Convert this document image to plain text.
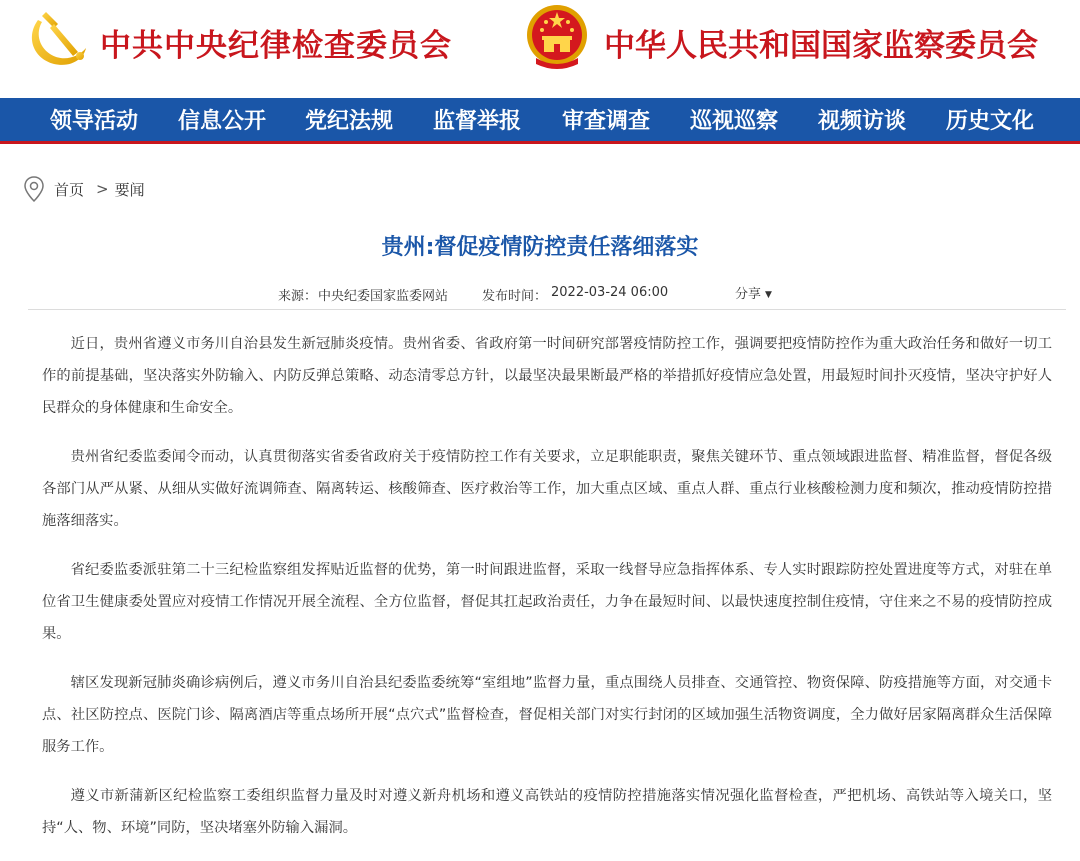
中共中央纪律检查委员会	中华人民共和国国家监察委员会
领导活动 信息公开 党纪法规 监督举报 审查调查 巡视巡察 视频访谈 历史文化
首页 > 要闻
贵州:督促疫情防控责任落细落实
来源： 中央纪委国家监委网站	发布时间： 2022-03-24 06:00	分享 ▼

近日，贵州省遵义市务川自治县发生新冠肺炎疫情。贵州省委、省政府第一时间研究部署疫情防控工作，强调要把疫情防控作为重大政治任务和做好一切工作的前提基础，坚决落实外防输入、内防反弹总策略、动态清零总方针，以最坚决最果断最严格的举措抓好疫情应急处置，用最短时间扑灭疫情，坚决守护好人民群众的身体健康和生命安全。

贵州省纪委监委闻令而动，认真贯彻落实省委省政府关于疫情防控工作有关要求，立足职能职责，聚焦关键环节、重点领域跟进监督、精准监督，督促各级各部门从严从紧、从细从实做好流调筛查、隔离转运、核酸筛查、医疗救治等工作，加大重点区域、重点人群、重点行业核酸检测力度和频次，推动疫情防控措施落细落实。

省纪委监委派驻第二十三纪检监察组发挥贴近监督的优势，第一时间跟进监督，采取一线督导应急指挥体系、专人实时跟踪防控处置进度等方式，对驻在单位省卫生健康委处置应对疫情工作情况开展全流程、全方位监督，督促其扛起政治责任，力争在最短时间、以最快速度控制住疫情，守住来之不易的疫情防控成果。

辖区发现新冠肺炎确诊病例后，遵义市务川自治县纪委监委统筹“室组地”监督力量，重点围绕人员排查、交通管控、物资保障、防疫措施等方面，对交通卡点、社区防控点、医院门诊、隔离酒店等重点场所开展“点穴式”监督检查，督促相关部门对实行封闭的区域加强生活物资调度，全力做好居家隔离群众生活保障服务工作。

遵义市新蒲新区纪检监察工委组织监督力量及时对遵义新舟机场和遵义高铁站的疫情防控措施落实情况强化监督检查，严把机场、高铁站等入境关口，坚持“人、物、环境”同防，坚决堵塞外防输入漏洞。
